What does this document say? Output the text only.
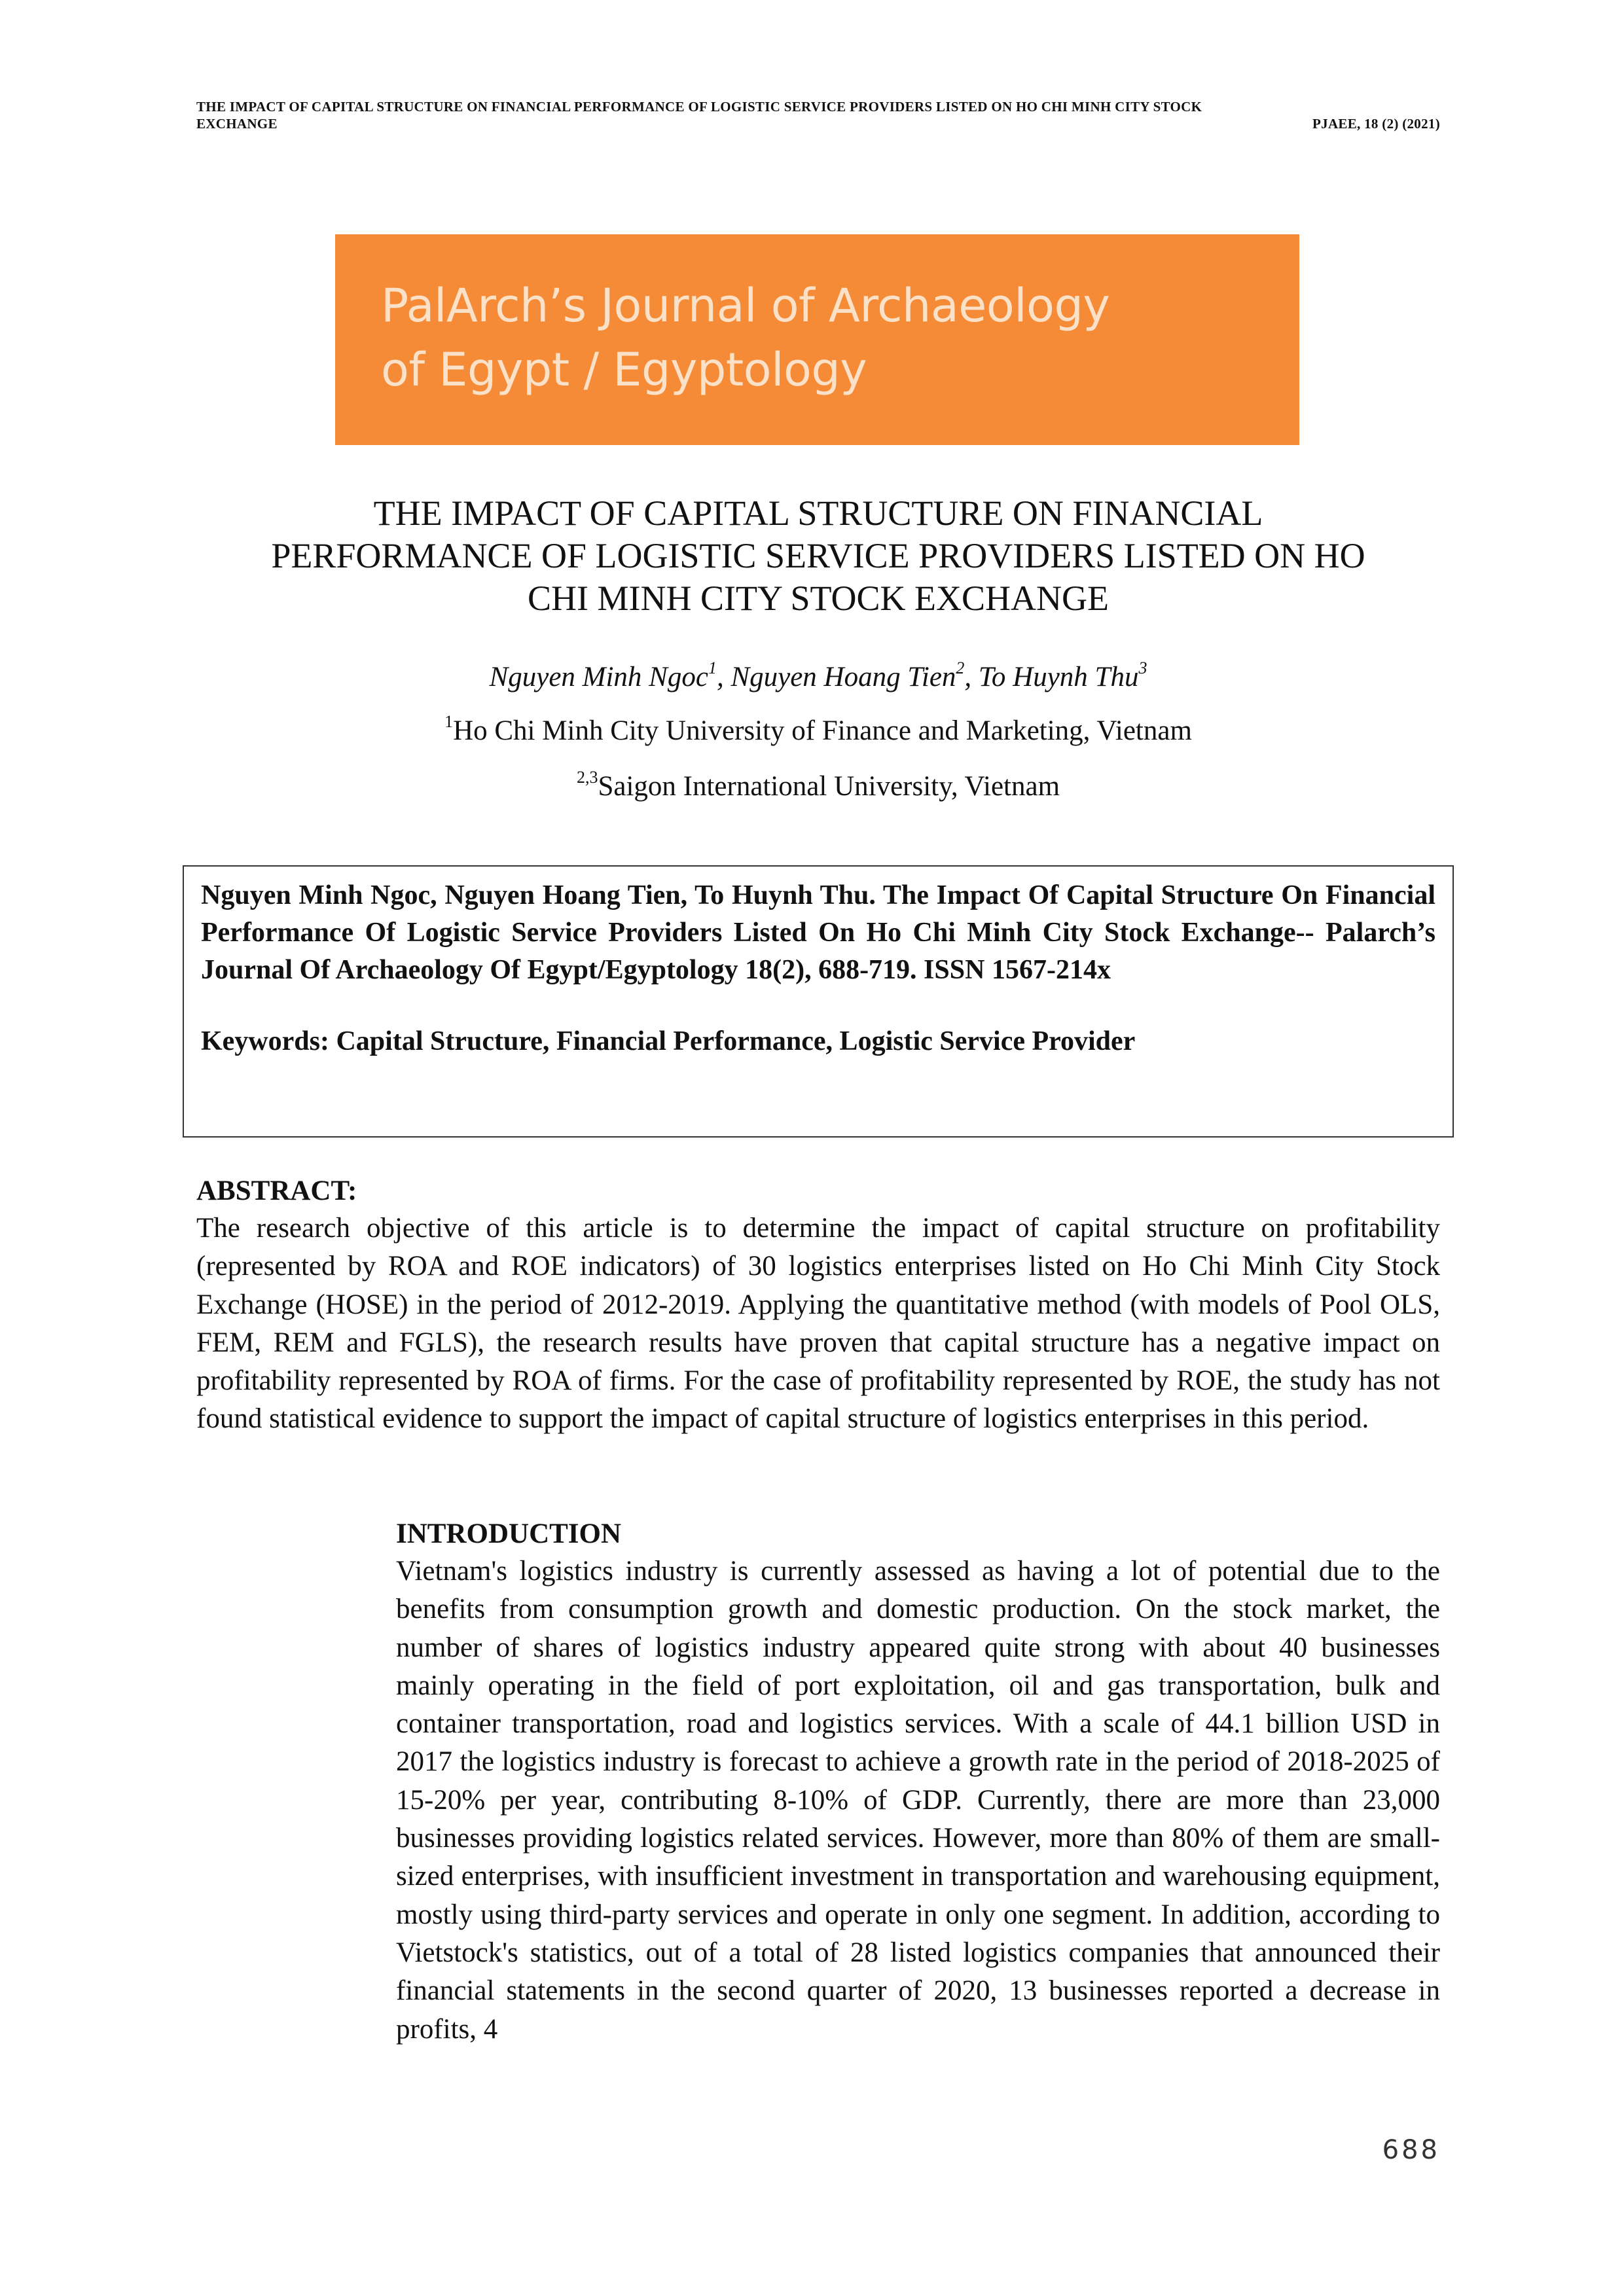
THE IMPACT OF CAPITAL STRUCTURE ON FINANCIAL PERFORMANCE OF LOGISTIC SERVICE PROVIDERS LISTED ON HO CHI MINH CITY STOCK
EXCHANGE	PJAEE, 18 (2) (2021)
PalArch’s Journal of Archaeology
of Egypt / Egyptology
THE IMPACT OF CAPITAL STRUCTURE ON FINANCIAL
PERFORMANCE OF LOGISTIC SERVICE PROVIDERS LISTED ON HO
CHI MINH CITY STOCK EXCHANGE
Nguyen Minh Ngoc$^1$, Nguyen Hoang Tien$^2$, To Huynh Thu$^3$
$^1$Ho Chi Minh City University of Finance and Marketing, Vietnam
$^{2,3}$Saigon International University, Vietnam

Nguyen Minh Ngoc, Nguyen Hoang Tien, To Huynh Thu. The Impact Of Capital Structure On Financial Performance Of Logistic Service Providers Listed On Ho Chi Minh City Stock Exchange-- Palarch’s Journal Of Archaeology Of Egypt/Egyptology 18(2), 688-719. ISSN 1567-214x

Keywords: Capital Structure, Financial Performance, Logistic Service Provider

ABSTRACT:

The research objective of this article is to determine the impact of capital structure on profitability (represented by ROA and ROE indicators) of 30 logistics enterprises listed on Ho Chi Minh City Stock Exchange (HOSE) in the period of 2012-2019. Applying the quantitative method (with models of Pool OLS, FEM, REM and FGLS), the research results have proven that capital structure has a negative impact on profitability represented by ROA of firms. For the case of profitability represented by ROE, the study has not found statistical evidence to support the impact of capital structure of logistics enterprises in this period.

INTRODUCTION

Vietnam's logistics industry is currently assessed as having a lot of potential due to the benefits from consumption growth and domestic production. On the stock market, the number of shares of logistics industry appeared quite strong with about 40 businesses mainly operating in the field of port exploitation, oil and gas transportation, bulk and container transportation, road and logistics services. With a scale of 44.1 billion USD in 2017 the logistics industry is forecast to achieve a growth rate in the period of 2018-2025 of 15-20% per year, contributing 8-10% of GDP. Currently, there are more than 23,000 businesses providing logistics related services. However, more than 80% of them are small-sized enterprises, with insufficient investment in transportation and warehousing equipment, mostly using third-party services and operate in only one segment. In addition, according to Vietstock's statistics, out of a total of 28 listed logistics companies that announced their financial statements in the second quarter of 2020, 13 businesses reported a decrease in profits, 4

688
